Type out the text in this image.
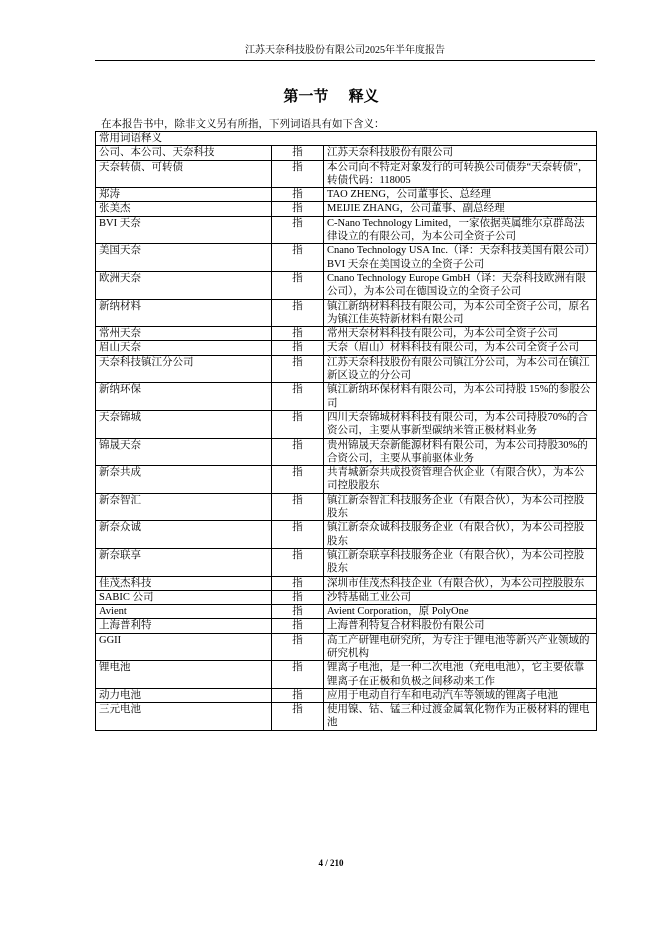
江苏天奈科技股份有限公司2025年半年度报告
第一节　 释义
在本报告书中，除非文义另有所指，下列词语具有如下含义：
常用词语释义		
公司、本公司、天奈科技	指	江苏天奈科技股份有限公司
天奈转债、可转债	指	本公司向不特定对象发行的可转换公司债券“天奈转债”，转债代码：118005
郑涛	指	TAO ZHENG，公司董事长、总经理
张美杰	指	MEIJIE ZHANG，公司董事、副总经理
BVI 天奈	指	C-Nano Technology Limited，一家依据英属维尔京群岛法律设立的有限公司，为本公司全资子公司
美国天奈	指	Cnano Technology USA Inc.（译：天奈科技美国有限公司）BVI 天奈在美国设立的全资子公司
欧洲天奈	指	Cnano Technology Europe GmbH（译：天奈科技欧洲有限公司），为本公司在德国设立的全资子公司
新纳材料	指	镇江新纳材料科技有限公司，为本公司全资子公司，原名为镇江佳英特新材料有限公司
常州天奈	指	常州天奈材料科技有限公司，为本公司全资子公司
眉山天奈	指	天奈（眉山）材料科技有限公司，为本公司全资子公司
天奈科技镇江分公司	指	江苏天奈科技股份有限公司镇江分公司，为本公司在镇江新区设立的分公司
新纳环保	指	镇江新纳环保材料有限公司，为本公司持股 15%的参股公司
天奈锦城	指	四川天奈锦城材料科技有限公司，为本公司持股70%的合资公司，主要从事新型碳纳米管正极材料业务
锦晟天奈	指	贵州锦晟天奈新能源材料有限公司，为本公司持股30%的合资公司，主要从事前驱体业务
新奈共成	指	共青城新奈共成投资管理合伙企业（有限合伙），为本公司控股股东
新奈智汇	指	镇江新奈智汇科技服务企业（有限合伙），为本公司控股股东
新奈众诚	指	镇江新奈众诚科技服务企业（有限合伙），为本公司控股股东
新奈联享	指	镇江新奈联享科技服务企业（有限合伙），为本公司控股股东
佳茂杰科技	指	深圳市佳茂杰科技企业（有限合伙），为本公司控股股东
SABIC 公司	指	沙特基础工业公司
Avient	指	Avient Corporation，原 PolyOne
上海普利特	指	上海普利特复合材料股份有限公司
GGII	指	高工产研锂电研究所，为专注于锂电池等新兴产业领域的研究机构
锂电池	指	锂离子电池，是一种二次电池（充电电池），它主要依靠锂离子在正极和负极之间移动来工作
动力电池	指	应用于电动自行车和电动汽车等领域的锂离子电池
三元电池	指	使用镍、钴、锰三种过渡金属氧化物作为正极材料的锂电池
4 / 210
